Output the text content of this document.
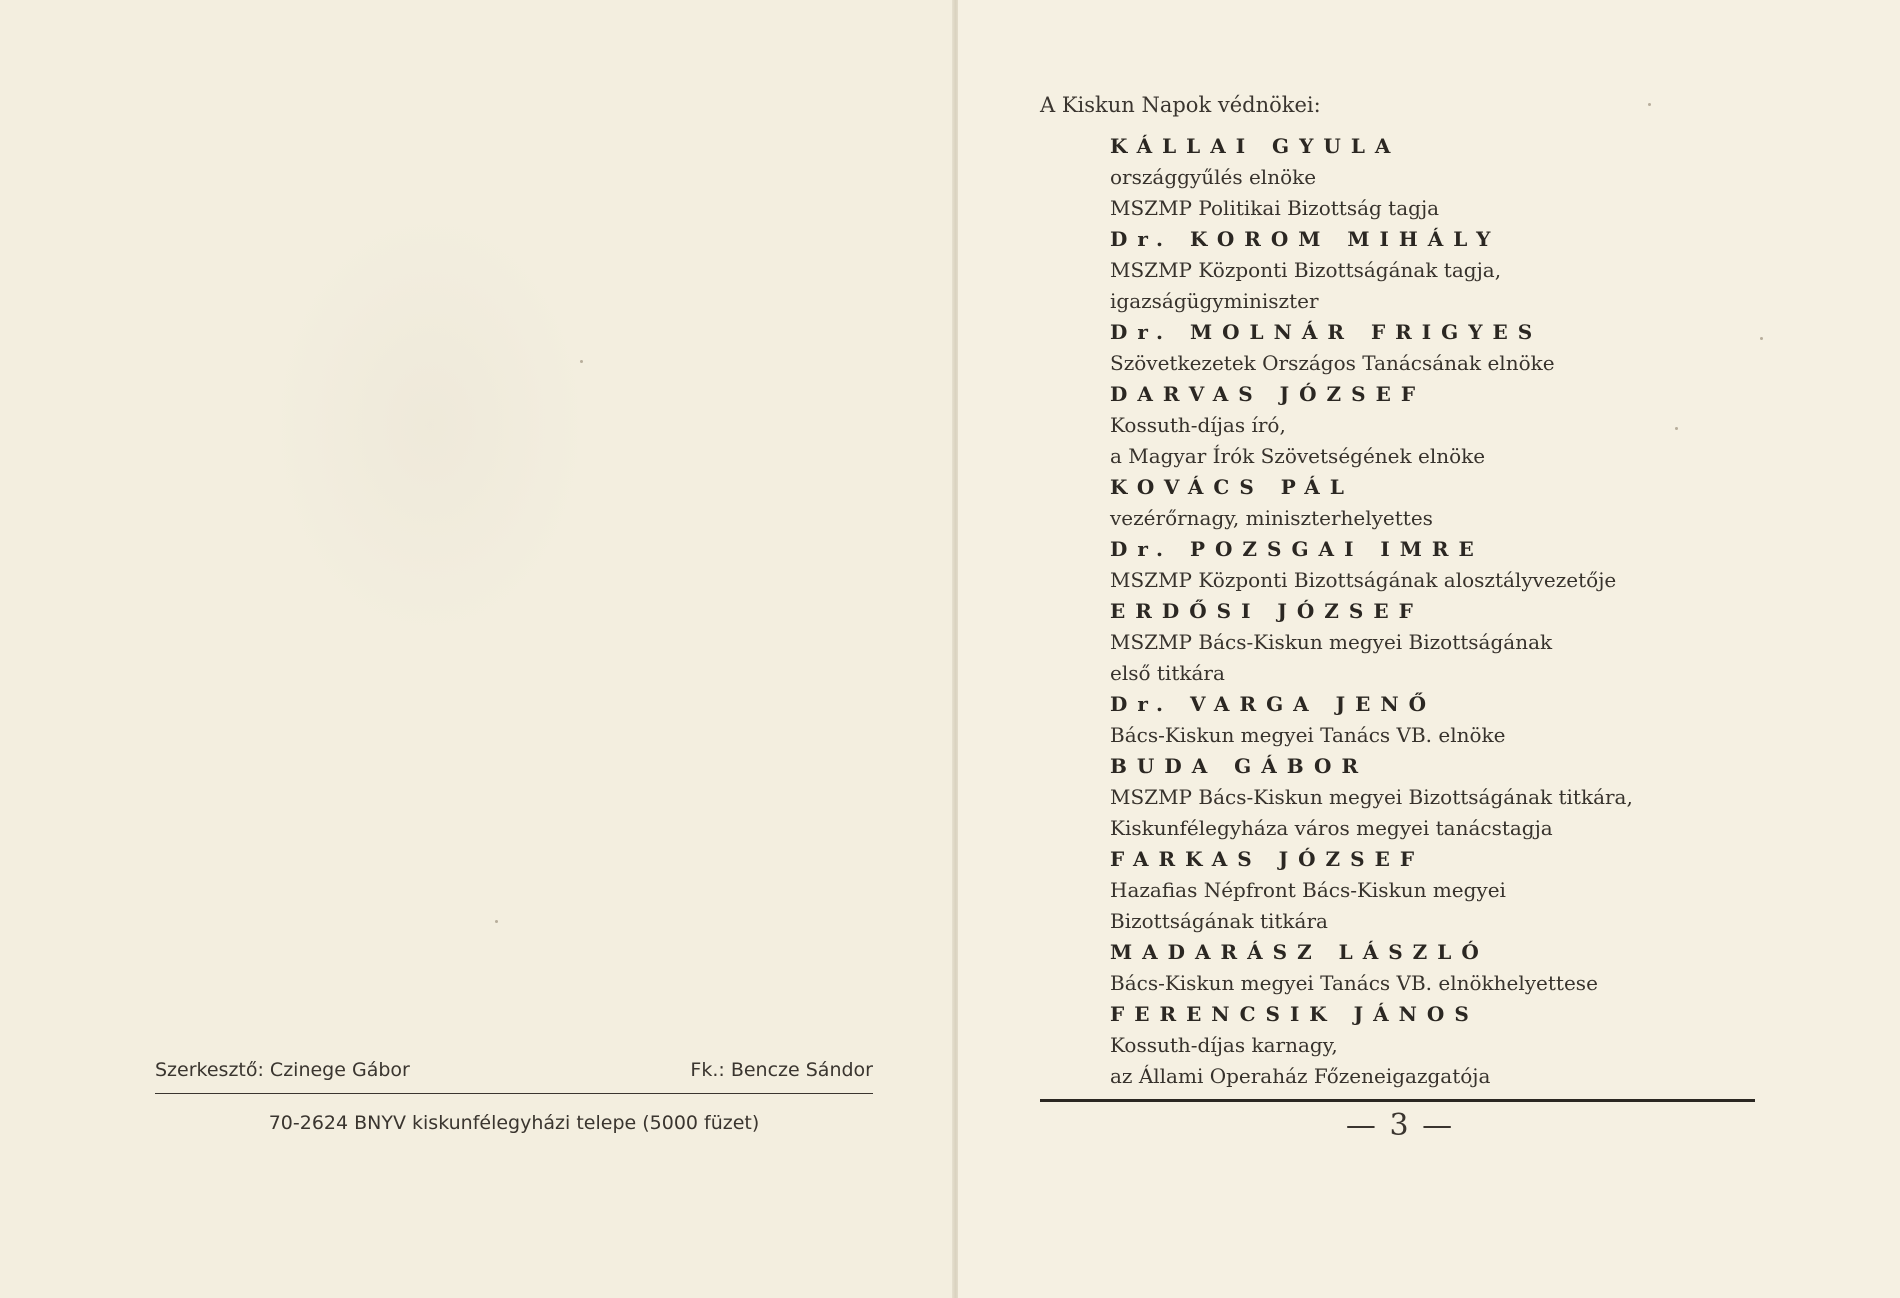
Szerkesztő: Czinege Gábor	Fk.: Bencze Sándor
70-2624 BNYV kiskunfélegyházi telepe (5000 füzet)
A Kiskun Napok védnökei:
KÁLLAI GYULA
országgyűlés elnöke
MSZMP Politikai Bizottság tagja
Dr. KOROM MIHÁLY
MSZMP Központi Bizottságának tagja,
igazságügyminiszter
Dr. MOLNÁR FRIGYES
Szövetkezetek Országos Tanácsának elnöke
DARVAS JÓZSEF
Kossuth-díjas író,
a Magyar Írók Szövetségének elnöke
KOVÁCS PÁL
vezérőrnagy, miniszterhelyettes
Dr. POZSGAI IMRE
MSZMP Központi Bizottságának alosztályvezetője
ERDŐSI JÓZSEF
MSZMP Bács-Kiskun megyei Bizottságának
első titkára
Dr. VARGA JENŐ
Bács-Kiskun megyei Tanács VB. elnöke
BUDA GÁBOR
MSZMP Bács-Kiskun megyei Bizottságának titkára,
Kiskunfélegyháza város megyei tanácstagja
FARKAS JÓZSEF
Hazafias Népfront Bács-Kiskun megyei
Bizottságának titkára
MADARÁSZ LÁSZLÓ
Bács-Kiskun megyei Tanács VB. elnökhelyettese
FERENCSIK JÁNOS
Kossuth-díjas karnagy,
az Állami Operaház Főzeneigazgatója
— 3 —
